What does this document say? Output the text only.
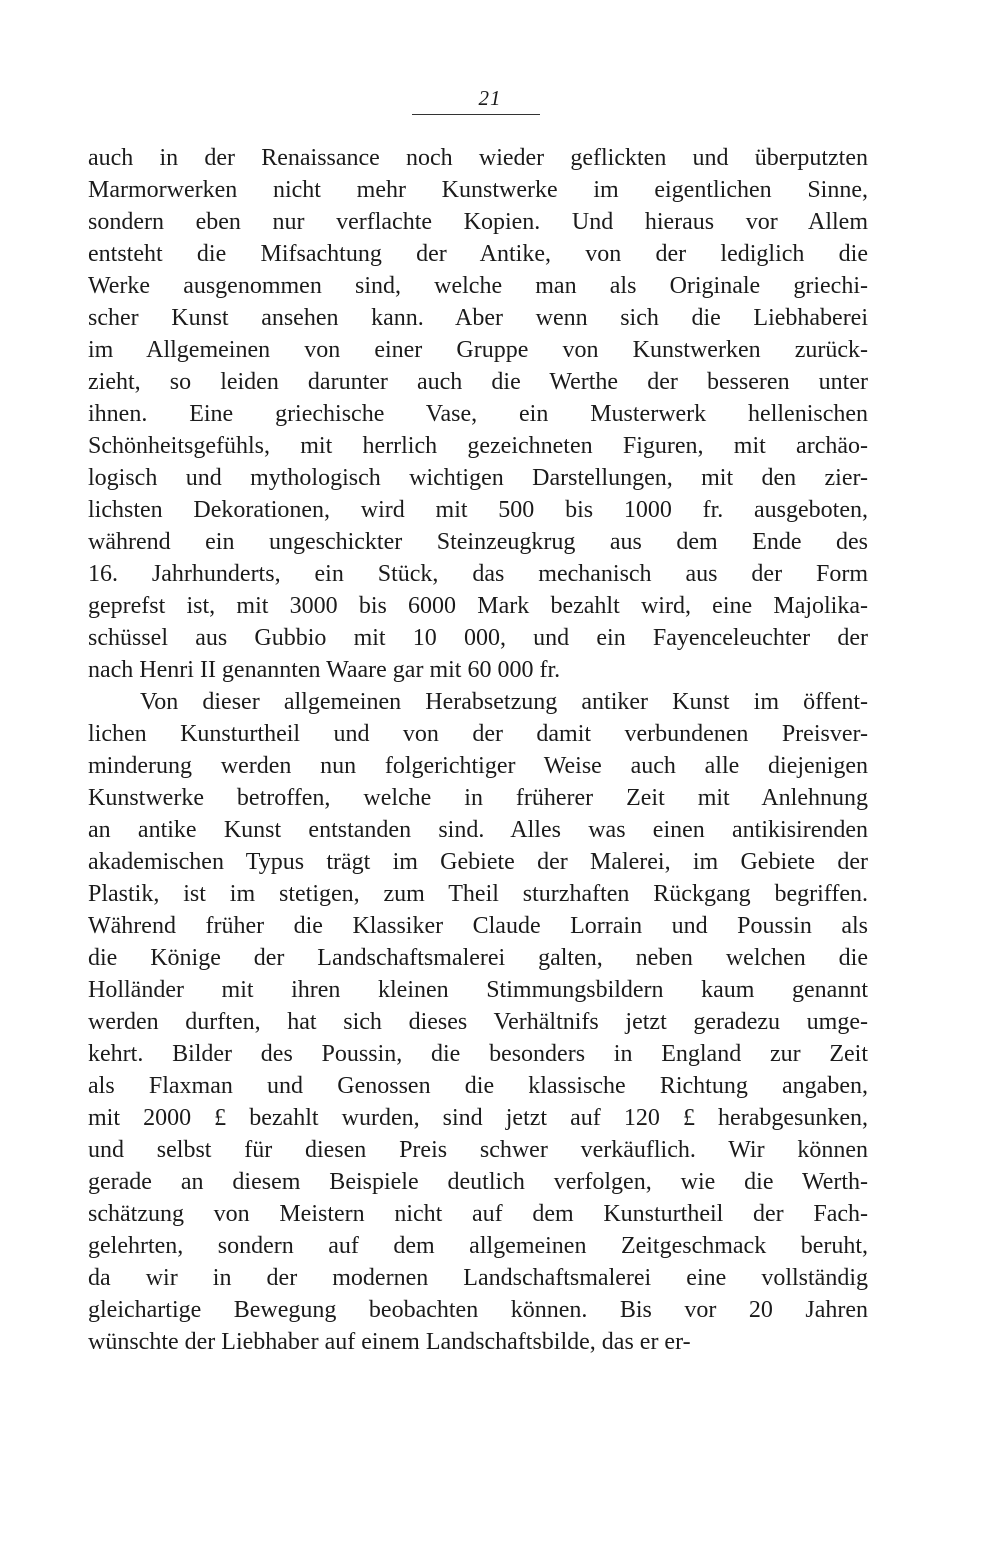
21
auch in der Renaissance noch wieder geflickten und überputzten
Marmorwerken nicht mehr Kunstwerke im eigentlichen Sinne,
sondern eben nur verflachte Kopien. Und hieraus vor Allem
entsteht die Mifsachtung der Antike, von der lediglich die
Werke ausgenommen sind, welche man als Originale griechi-
scher Kunst ansehen kann. Aber wenn sich die Liebhaberei
im Allgemeinen von einer Gruppe von Kunstwerken zurück-
zieht, so leiden darunter auch die Werthe der besseren unter
ihnen. Eine griechische Vase, ein Musterwerk hellenischen
Schönheitsgefühls, mit herrlich gezeichneten Figuren, mit archäo-
logisch und mythologisch wichtigen Darstellungen, mit den zier-
lichsten Dekorationen, wird mit 500 bis 1000 fr. ausgeboten,
während ein ungeschickter Steinzeugkrug aus dem Ende des
16. Jahrhunderts, ein Stück, das mechanisch aus der Form
geprefst ist, mit 3000 bis 6000 Mark bezahlt wird, eine Majolika-
schüssel aus Gubbio mit 10 000, und ein Fayenceleuchter der
nach Henri II genannten Waare gar mit 60 000 fr.
Von dieser allgemeinen Herabsetzung antiker Kunst im öffent-
lichen Kunsturtheil und von der damit verbundenen Preisver-
minderung werden nun folgerichtiger Weise auch alle diejenigen
Kunstwerke betroffen, welche in früherer Zeit mit Anlehnung
an antike Kunst entstanden sind. Alles was einen antikisirenden
akademischen Typus trägt im Gebiete der Malerei, im Gebiete der
Plastik, ist im stetigen, zum Theil sturzhaften Rückgang begriffen.
Während früher die Klassiker Claude Lorrain und Poussin als
die Könige der Landschaftsmalerei galten, neben welchen die
Holländer mit ihren kleinen Stimmungsbildern kaum genannt
werden durften, hat sich dieses Verhältnifs jetzt geradezu umge-
kehrt. Bilder des Poussin, die besonders in England zur Zeit
als Flaxman und Genossen die klassische Richtung angaben,
mit 2000 £ bezahlt wurden, sind jetzt auf 120 £ herabgesunken,
und selbst für diesen Preis schwer verkäuflich. Wir können
gerade an diesem Beispiele deutlich verfolgen, wie die Werth-
schätzung von Meistern nicht auf dem Kunsturtheil der Fach-
gelehrten, sondern auf dem allgemeinen Zeitgeschmack beruht,
da wir in der modernen Landschaftsmalerei eine vollständig
gleichartige Bewegung beobachten können. Bis vor 20 Jahren
wünschte der Liebhaber auf einem Landschaftsbilde, das er er-
